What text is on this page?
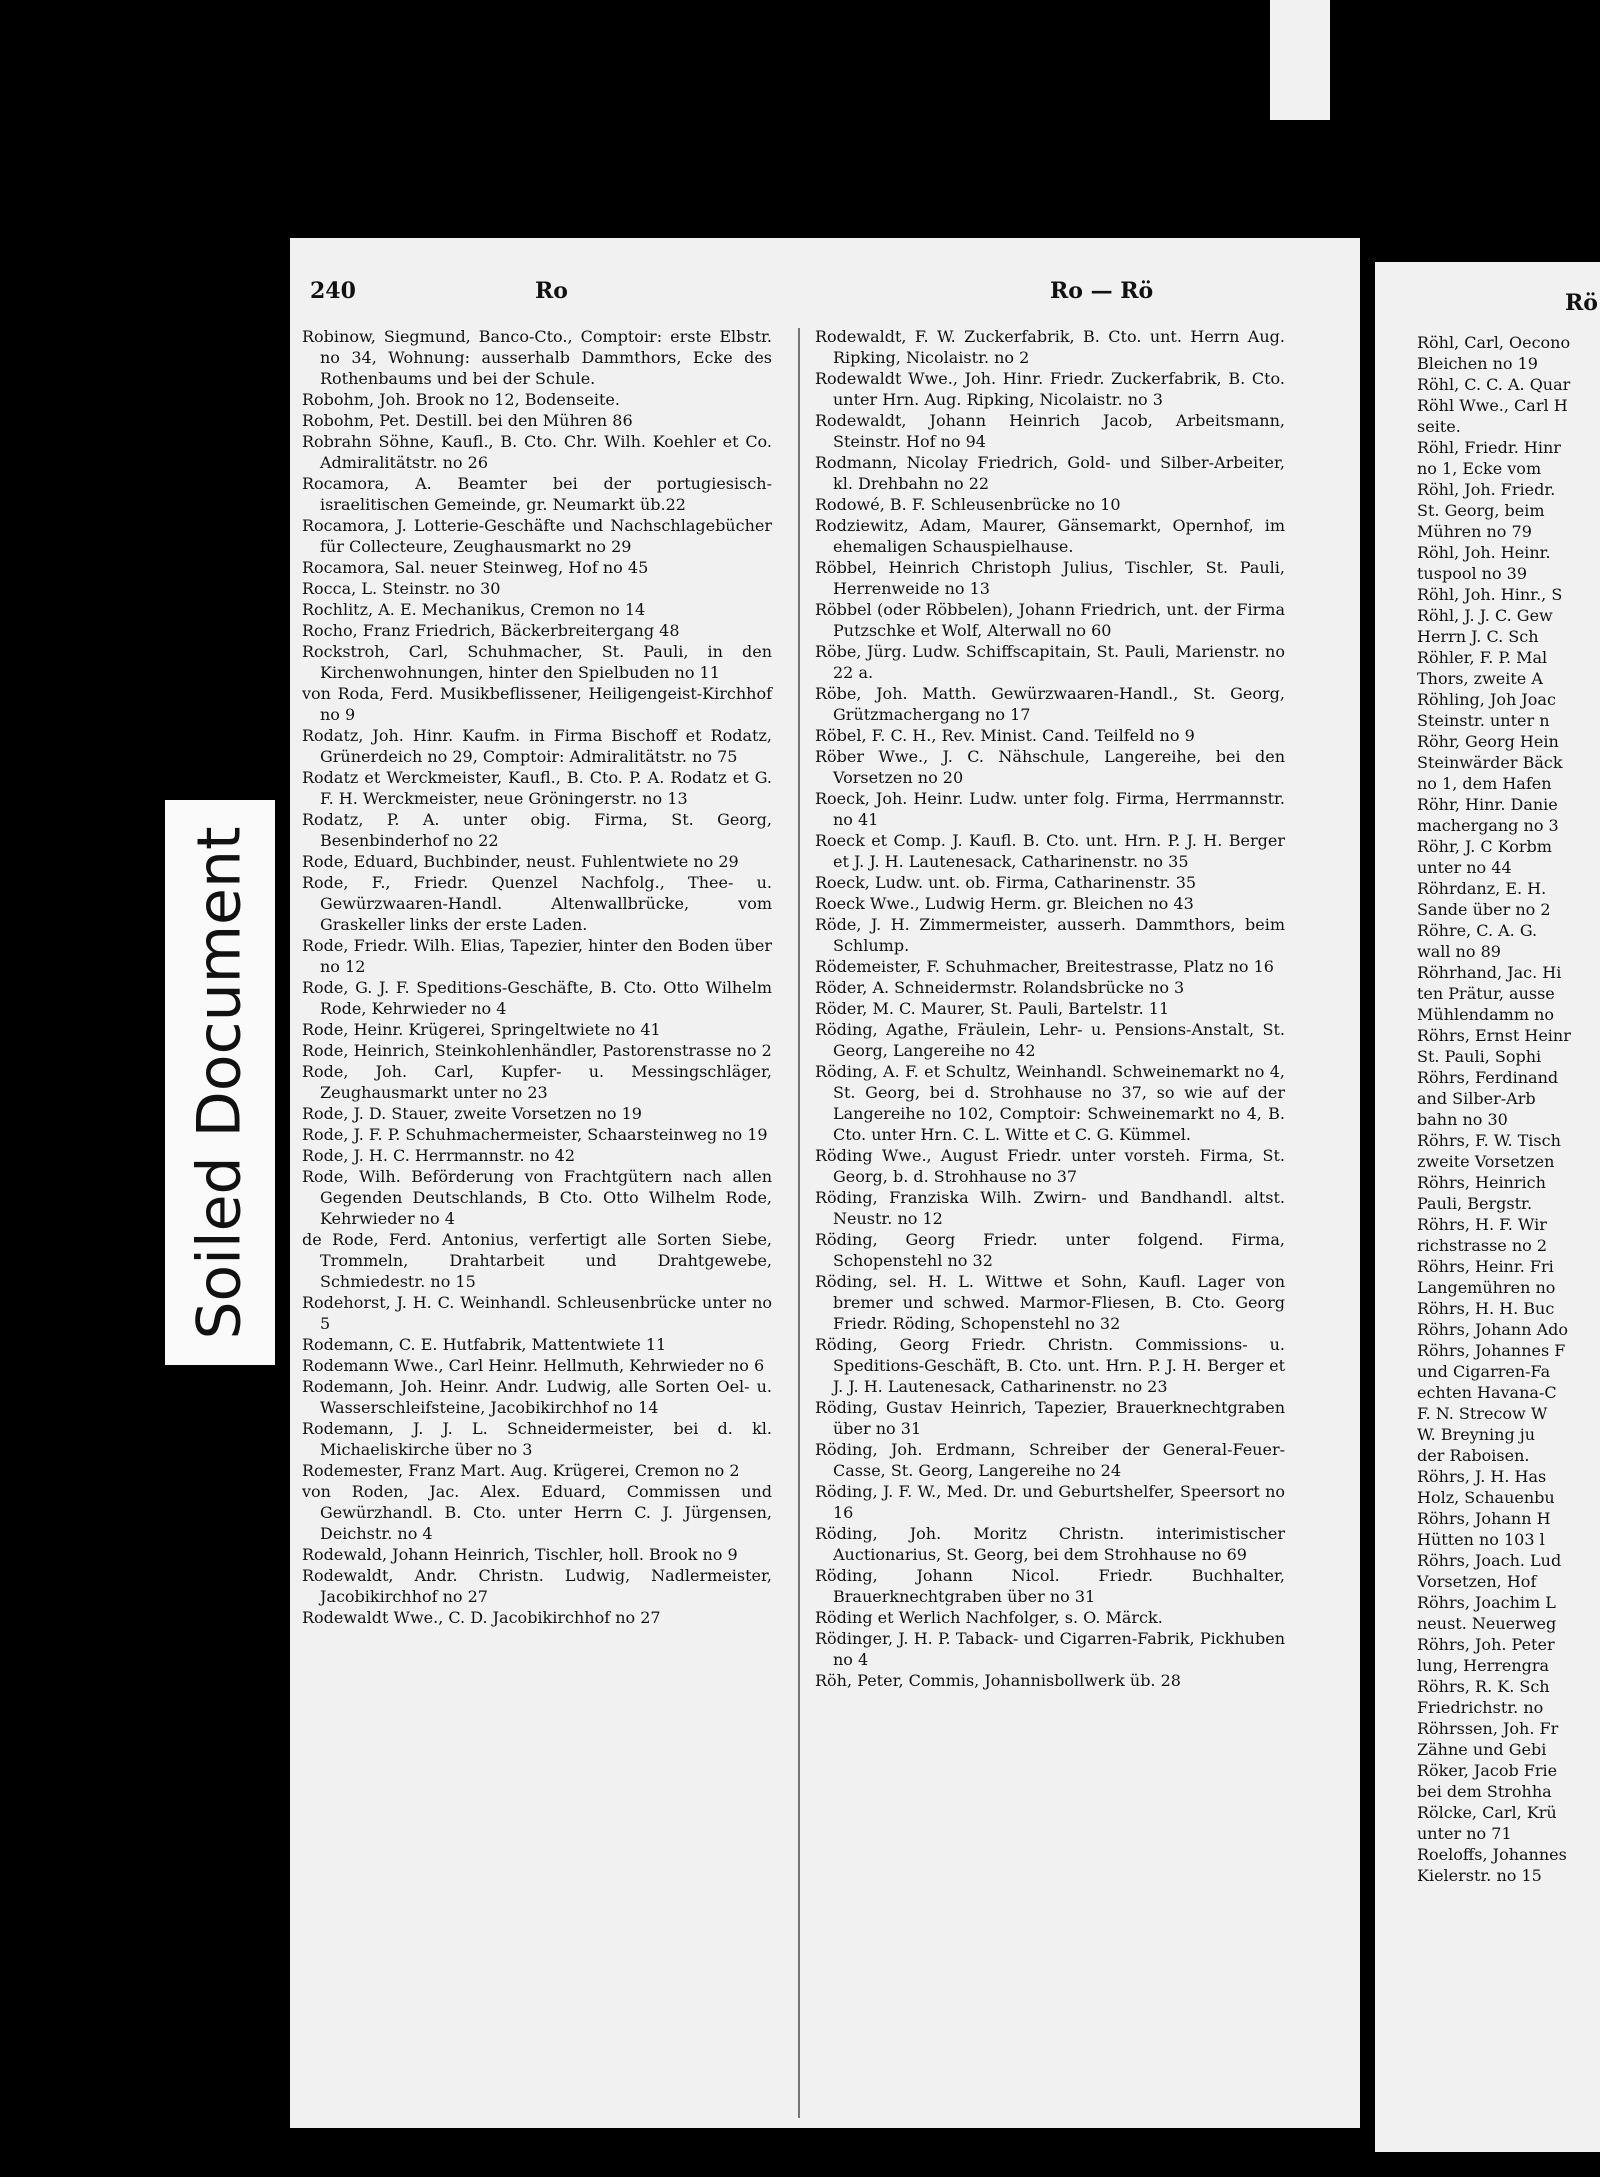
Soiled Document
240	Ro	Ro — Rö

Robinow, Siegmund, Banco-Cto., Comptoir: erste Elbstr. no 34, Wohnung: ausserhalb Dammthors, Ecke des Rothenbaums und bei der Schule.

Robohm, Joh. Brook no 12, Bodenseite.

Robohm, Pet. Destill. bei den Mühren 86

Robrahn Söhne, Kaufl., B. Cto. Chr. Wilh. Koehler et Co. Admiralitätstr. no 26

Rocamora, A. Beamter bei der portugiesisch-israelitischen Gemeinde, gr. Neumarkt üb.22

Rocamora, J. Lotterie-Geschäfte und Nachschlagebücher für Collecteure, Zeughausmarkt no 29

Rocamora, Sal. neuer Steinweg, Hof no 45

Rocca, L. Steinstr. no 30

Rochlitz, A. E. Mechanikus, Cremon no 14

Rocho, Franz Friedrich, Bäckerbreitergang 48

Rockstroh, Carl, Schuhmacher, St. Pauli, in den Kirchenwohnungen, hinter den Spielbuden no 11

von Roda, Ferd. Musikbeflissener, Heiligengeist-Kirchhof no 9

Rodatz, Joh. Hinr. Kaufm. in Firma Bischoff et Rodatz, Grünerdeich no 29, Comptoir: Admiralitätstr. no 75

Rodatz et Werckmeister, Kaufl., B. Cto. P. A. Rodatz et G. F. H. Werckmeister, neue Gröningerstr. no 13

Rodatz, P. A. unter obig. Firma, St. Georg, Besenbinderhof no 22

Rode, Eduard, Buchbinder, neust. Fuhlentwiete no 29

Rode, F., Friedr. Quenzel Nachfolg., Thee- u. Gewürzwaaren-Handl. Altenwallbrücke, vom Graskeller links der erste Laden.

Rode, Friedr. Wilh. Elias, Tapezier, hinter den Boden über no 12

Rode, G. J. F. Speditions-Geschäfte, B. Cto. Otto Wilhelm Rode, Kehrwieder no 4

Rode, Heinr. Krügerei, Springeltwiete no 41

Rode, Heinrich, Steinkohlenhändler, Pastorenstrasse no 2

Rode, Joh. Carl, Kupfer- u. Messingschläger, Zeughausmarkt unter no 23

Rode, J. D. Stauer, zweite Vorsetzen no 19

Rode, J. F. P. Schuhmachermeister, Schaarsteinweg no 19

Rode, J. H. C. Herrmannstr. no 42

Rode, Wilh. Beförderung von Frachtgütern nach allen Gegenden Deutschlands, B Cto. Otto Wilhelm Rode, Kehrwieder no 4

de Rode, Ferd. Antonius, verfertigt alle Sorten Siebe, Trommeln, Drahtarbeit und Drahtgewebe, Schmiedestr. no 15

Rodehorst, J. H. C. Weinhandl. Schleusenbrücke unter no 5

Rodemann, C. E. Hutfabrik, Mattentwiete 11

Rodemann Wwe., Carl Heinr. Hellmuth, Kehrwieder no 6

Rodemann, Joh. Heinr. Andr. Ludwig, alle Sorten Oel- u. Wasserschleifsteine, Jacobikirchhof no 14

Rodemann, J. J. L. Schneidermeister, bei d. kl. Michaeliskirche über no 3

Rodemester, Franz Mart. Aug. Krügerei, Cremon no 2

von Roden, Jac. Alex. Eduard, Commissen und Gewürzhandl. B. Cto. unter Herrn C. J. Jürgensen, Deichstr. no 4

Rodewald, Johann Heinrich, Tischler, holl. Brook no 9

Rodewaldt, Andr. Christn. Ludwig, Nadlermeister, Jacobikirchhof no 27

Rodewaldt Wwe., C. D. Jacobikirchhof no 27

Rodewaldt, F. W. Zuckerfabrik, B. Cto. unt. Herrn Aug. Ripking, Nicolaistr. no 2

Rodewaldt Wwe., Joh. Hinr. Friedr. Zuckerfabrik, B. Cto. unter Hrn. Aug. Ripking, Nicolaistr. no 3

Rodewaldt, Johann Heinrich Jacob, Arbeitsmann, Steinstr. Hof no 94

Rodmann, Nicolay Friedrich, Gold- und Silber-Arbeiter, kl. Drehbahn no 22

Rodowé, B. F. Schleusenbrücke no 10

Rodziewitz, Adam, Maurer, Gänsemarkt, Opernhof, im ehemaligen Schauspielhause.

Röbbel, Heinrich Christoph Julius, Tischler, St. Pauli, Herrenweide no 13

Röbbel (oder Röbbelen), Johann Friedrich, unt. der Firma Putzschke et Wolf, Alterwall no 60

Röbe, Jürg. Ludw. Schiffscapitain, St. Pauli, Marienstr. no 22 a.

Röbe, Joh. Matth. Gewürzwaaren-Handl., St. Georg, Grützmachergang no 17

Röbel, F. C. H., Rev. Minist. Cand. Teilfeld no 9

Röber Wwe., J. C. Nähschule, Langereihe, bei den Vorsetzen no 20

Roeck, Joh. Heinr. Ludw. unter folg. Firma, Herrmannstr. no 41

Roeck et Comp. J. Kaufl. B. Cto. unt. Hrn. P. J. H. Berger et J. J. H. Lautenesack, Catharinenstr. no 35

Roeck, Ludw. unt. ob. Firma, Catharinenstr. 35

Roeck Wwe., Ludwig Herm. gr. Bleichen no 43

Röde, J. H. Zimmermeister, ausserh. Dammthors, beim Schlump.

Rödemeister, F. Schuhmacher, Breitestrasse, Platz no 16

Röder, A. Schneidermstr. Rolandsbrücke no 3

Röder, M. C. Maurer, St. Pauli, Bartelstr. 11

Röding, Agathe, Fräulein, Lehr- u. Pensions-Anstalt, St. Georg, Langereihe no 42

Röding, A. F. et Schultz, Weinhandl. Schweinemarkt no 4, St. Georg, bei d. Strohhause no 37, so wie auf der Langereihe no 102, Comptoir: Schweinemarkt no 4, B. Cto. unter Hrn. C. L. Witte et C. G. Kümmel.

Röding Wwe., August Friedr. unter vorsteh. Firma, St. Georg, b. d. Strohhause no 37

Röding, Franziska Wilh. Zwirn- und Bandhandl. altst. Neustr. no 12

Röding, Georg Friedr. unter folgend. Firma, Schopenstehl no 32

Röding, sel. H. L. Wittwe et Sohn, Kaufl. Lager von bremer und schwed. Marmor-Fliesen, B. Cto. Georg Friedr. Röding, Schopenstehl no 32

Röding, Georg Friedr. Christn. Commissions- u. Speditions-Geschäft, B. Cto. unt. Hrn. P. J. H. Berger et J. J. H. Lautenesack, Catharinenstr. no 23

Röding, Gustav Heinrich, Tapezier, Brauerknechtgraben über no 31

Röding, Joh. Erdmann, Schreiber der General-Feuer-Casse, St. Georg, Langereihe no 24

Röding, J. F. W., Med. Dr. und Geburtshelfer, Speersort no 16

Röding, Joh. Moritz Christn. interimistischer Auctionarius, St. Georg, bei dem Strohhause no 69

Röding, Johann Nicol. Friedr. Buchhalter, Brauerknechtgraben über no 31

Röding et Werlich Nachfolger, s. O. Märck.

Rödinger, J. H. P. Taback- und Cigarren-Fabrik, Pickhuben no 4

Röh, Peter, Commis, Johannisbollwerk üb. 28

Rö

Röhl, Carl, Oecono

Bleichen no 19

Röhl, C. C. A. Quar

Röhl Wwe., Carl H

seite.

Röhl, Friedr. Hinr

no 1, Ecke vom

Röhl, Joh. Friedr.

St. Georg, beim

Mühren no 79

Röhl, Joh. Heinr.

tuspool no 39

Röhl, Joh. Hinr., S

Röhl, J. J. C. Gew

Herrn J. C. Sch

Röhler, F. P. Mal

Thors, zweite A

Röhling, Joh Joac

Steinstr. unter n

Röhr, Georg Hein

Steinwärder Bäck

no 1, dem Hafen

Röhr, Hinr. Danie

machergang no 3

Röhr, J. C Korbm

unter no 44

Röhrdanz, E. H.

Sande über no 2

Röhre, C. A. G.

wall no 89

Röhrhand, Jac. Hi

ten Prätur, ausse

Mühlendamm no

Röhrs, Ernst Heinr

St. Pauli, Sophi

Röhrs, Ferdinand

and Silber-Arb

bahn no 30

Röhrs, F. W. Tisch

zweite Vorsetzen

Röhrs, Heinrich

Pauli, Bergstr.

Röhrs, H. F. Wir

richstrasse no 2

Röhrs, Heinr. Fri

Langemühren no

Röhrs, H. H. Buc

Röhrs, Johann Ado

Röhrs, Johannes F

und Cigarren-Fa

echten Havana-C

F. N. Strecow W

W. Breyning ju

der Raboisen.

Röhrs, J. H. Has

Holz, Schauenbu

Röhrs, Johann H

Hütten no 103 l

Röhrs, Joach. Lud

Vorsetzen, Hof

Röhrs, Joachim L

neust. Neuerweg

Röhrs, Joh. Peter

lung, Herrengra

Röhrs, R. K. Sch

Friedrichstr. no

Röhrssen, Joh. Fr

Zähne und Gebi

Röker, Jacob Frie

bei dem Strohha

Rölcke, Carl, Krü

unter no 71

Roeloffs, Johannes

Kielerstr. no 15
